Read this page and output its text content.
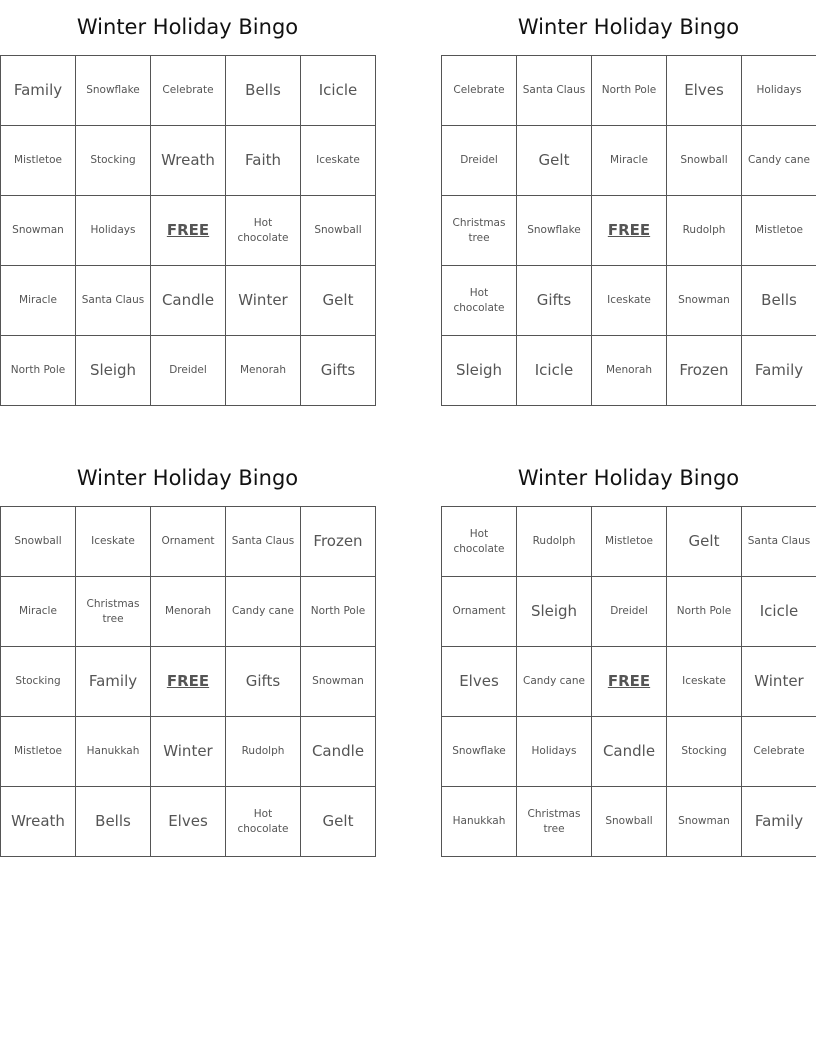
Winter Holiday Bingo
Family	Snowflake	Celebrate	Bells	Icicle
Mistletoe	Stocking	Wreath	Faith	Iceskate
Snowman	Holidays	FREE	Hot chocolate	Snowball
Miracle	Santa Claus	Candle	Winter	Gelt
North Pole	Sleigh	Dreidel	Menorah	Gifts
Winter Holiday Bingo
Celebrate	Santa Claus	North Pole	Elves	Holidays
Dreidel	Gelt	Miracle	Snowball	Candy cane
Christmas tree	Snowflake	FREE	Rudolph	Mistletoe
Hot chocolate	Gifts	Iceskate	Snowman	Bells
Sleigh	Icicle	Menorah	Frozen	Family
Winter Holiday Bingo
Snowball	Iceskate	Ornament	Santa Claus	Frozen
Miracle	Christmas tree	Menorah	Candy cane	North Pole
Stocking	Family	FREE	Gifts	Snowman
Mistletoe	Hanukkah	Winter	Rudolph	Candle
Wreath	Bells	Elves	Hot chocolate	Gelt
Winter Holiday Bingo
Hot chocolate	Rudolph	Mistletoe	Gelt	Santa Claus
Ornament	Sleigh	Dreidel	North Pole	Icicle
Elves	Candy cane	FREE	Iceskate	Winter
Snowflake	Holidays	Candle	Stocking	Celebrate
Hanukkah	Christmas tree	Snowball	Snowman	Family
